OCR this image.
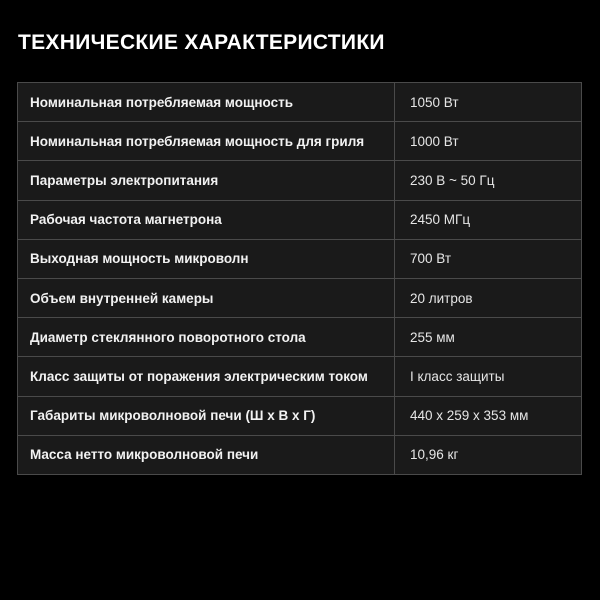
ТЕХНИЧЕСКИЕ ХАРАКТЕРИСТИКИ
Номинальная потребляемая мощность	1050 Вт
Номинальная потребляемая мощность для гриля	1000 Вт
Параметры электропитания	230 В ~ 50 Гц
Рабочая частота магнетрона	2450 МГц
Выходная мощность микроволн	700 Вт
Объем внутренней камеры	20 литров
Диаметр стеклянного поворотного стола	255 мм
Класс защиты от поражения электрическим током	I класс защиты
Габариты микроволновой печи (Ш х В х Г)	440 х 259 х 353 мм
Масса нетто микроволновой печи	10,96 кг
